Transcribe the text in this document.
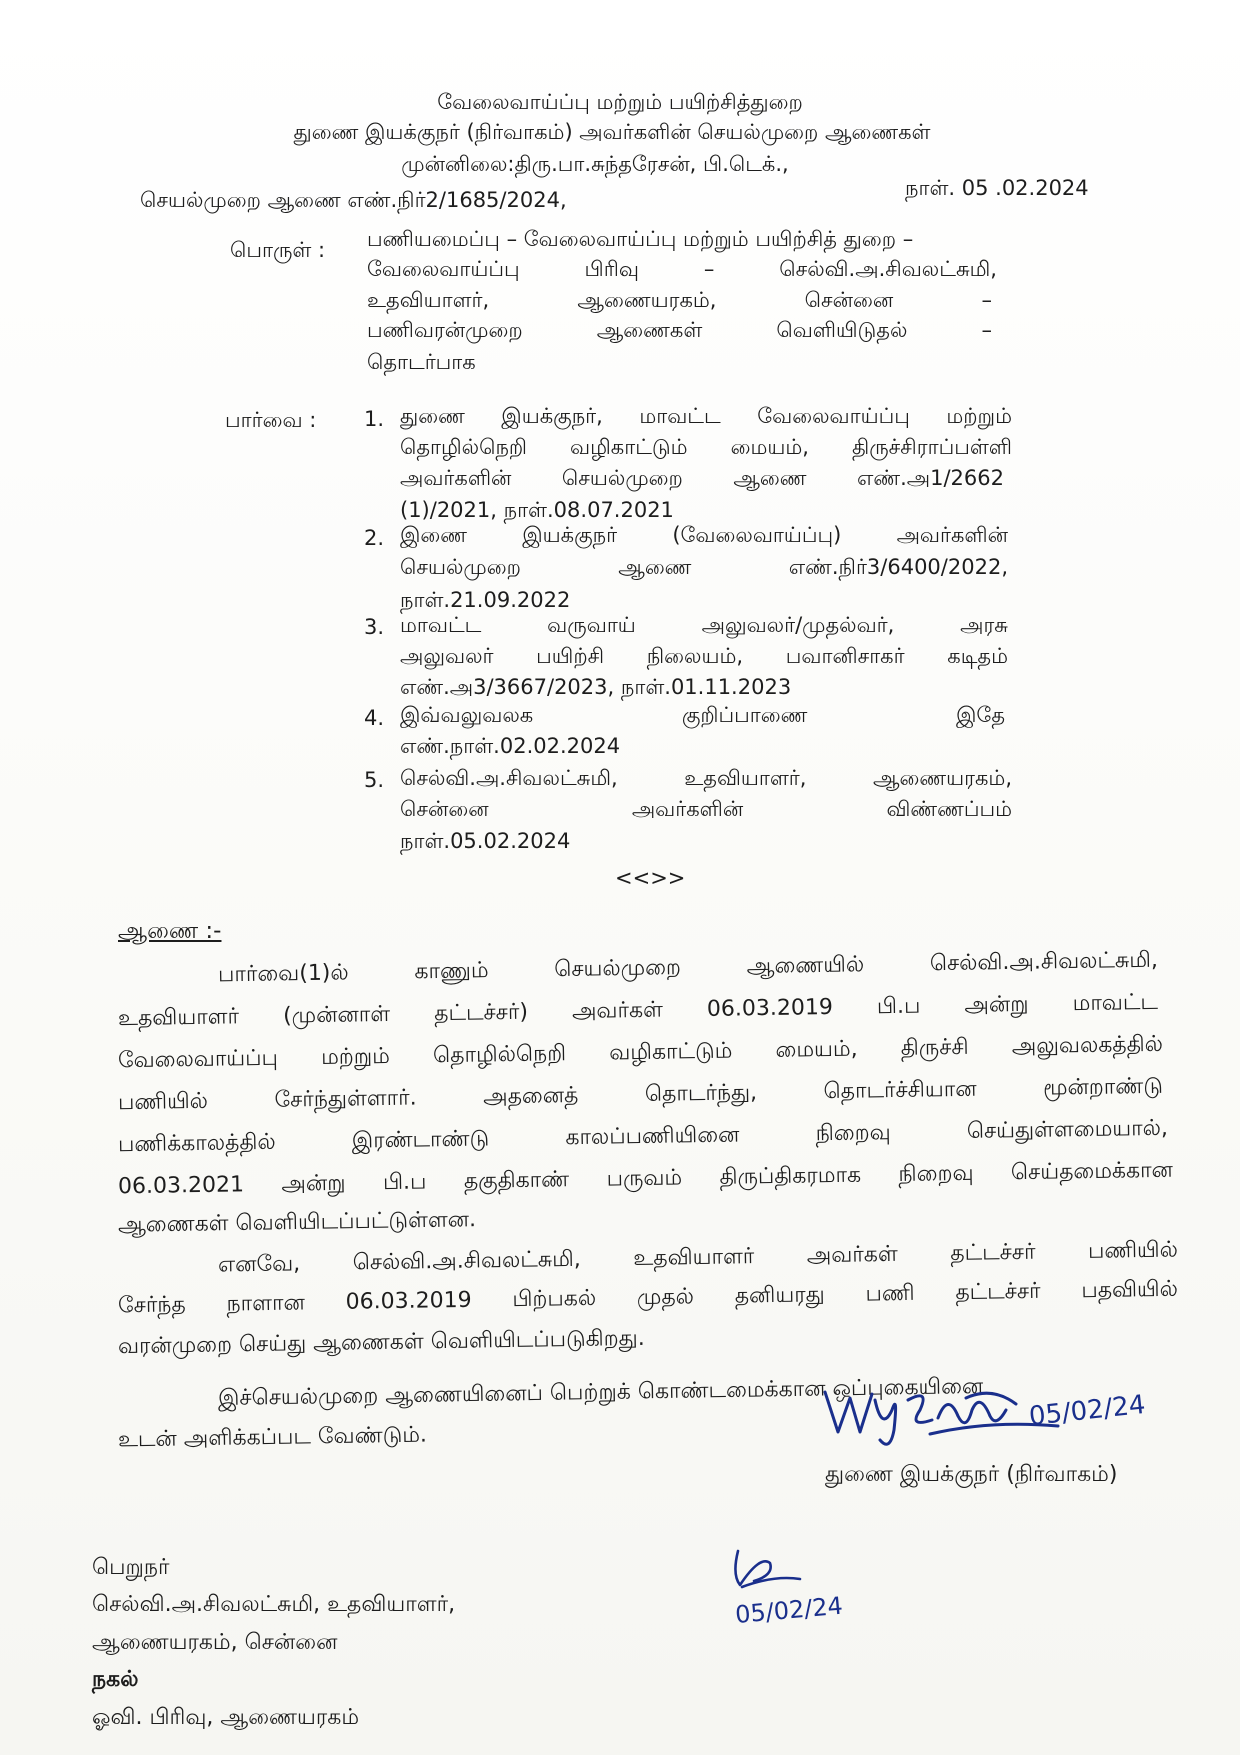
வேலைவாய்ப்பு மற்றும் பயிற்சித்துறை
துணை இயக்குநர் (நிர்வாகம்) அவர்களின் செயல்முறை ஆணைகள்
முன்னிலை:திரு.பா.சுந்தரேசன், பி.டெக்.,
செயல்முறை ஆணை எண்.நிர்2/1685/2024,	நாள். 05 .02.2024
பொருள் : பணியமைப்பு – வேலைவாய்ப்பு மற்றும் பயிற்சித் துறை –
வேலைவாய்ப்பு பிரிவு – செல்வி.அ.சிவலட்சுமி,
உதவியாளர், ஆணையரகம், சென்னை –
பணிவரன்முறை ஆணைகள் வெளியிடுதல் –
தொடர்பாக
பார்வை : 1. துணை இயக்குநர், மாவட்ட வேலைவாய்ப்பு மற்றும்
தொழில்நெறி வழிகாட்டும் மையம், திருச்சிராப்பள்ளி
அவர்களின் செயல்முறை ஆணை எண்.அ1/2662
(1)/2021, நாள்.08.07.2021
2. இணை இயக்குநர் (வேலைவாய்ப்பு) அவர்களின்
செயல்முறை ஆணை எண்.நிர்3/6400/2022,
நாள்.21.09.2022
3. மாவட்ட வருவாய் அலுவலர்/முதல்வர், அரசு
அலுவலர் பயிற்சி நிலையம், பவானிசாகர் கடிதம்
எண்.அ3/3667/2023, நாள்.01.11.2023
4. இவ்வலுவலக குறிப்பாணை இதே
எண்.நாள்.02.02.2024
5. செல்வி.அ.சிவலட்சுமி, உதவியாளர், ஆணையரகம்,
சென்னை அவர்களின் விண்ணப்பம்
நாள்.05.02.2024
<<>>
ஆணை :-
பார்வை(1)ல் காணும் செயல்முறை ஆணையில் செல்வி.அ.சிவலட்சுமி,
உதவியாளர் (முன்னாள் தட்டச்சர்) அவர்கள் 06.03.2019 பி.ப அன்று மாவட்ட
வேலைவாய்ப்பு மற்றும் தொழில்நெறி வழிகாட்டும் மையம், திருச்சி அலுவலகத்தில்
பணியில் சேர்ந்துள்ளார். அதனைத் தொடர்ந்து, தொடர்ச்சியான மூன்றாண்டு
பணிக்காலத்தில் இரண்டாண்டு காலப்பணியினை நிறைவு செய்துள்ளமையால்,
06.03.2021 அன்று பி.ப தகுதிகாண் பருவம் திருப்திகரமாக நிறைவு செய்தமைக்கான
ஆணைகள் வெளியிடப்பட்டுள்ளன.
எனவே, செல்வி.அ.சிவலட்சுமி, உதவியாளர் அவர்கள் தட்டச்சர் பணியில்
சேர்ந்த நாளான 06.03.2019 பிற்பகல் முதல் தனியரது பணி தட்டச்சர் பதவியில்
வரன்முறை செய்து ஆணைகள் வெளியிடப்படுகிறது.
இச்செயல்முறை ஆணையினைப் பெற்றுக் கொண்டமைக்கான ஒப்புகையினை
உடன் அளிக்கப்பட வேண்டும்.
05/02/24
துணை இயக்குநர் (நிர்வாகம்)
05/02/24
பெறுநர்
செல்வி.அ.சிவலட்சுமி, உதவியாளர்,
ஆணையரகம், சென்னை
நகல்
ஓவி. பிரிவு, ஆணையரகம்
